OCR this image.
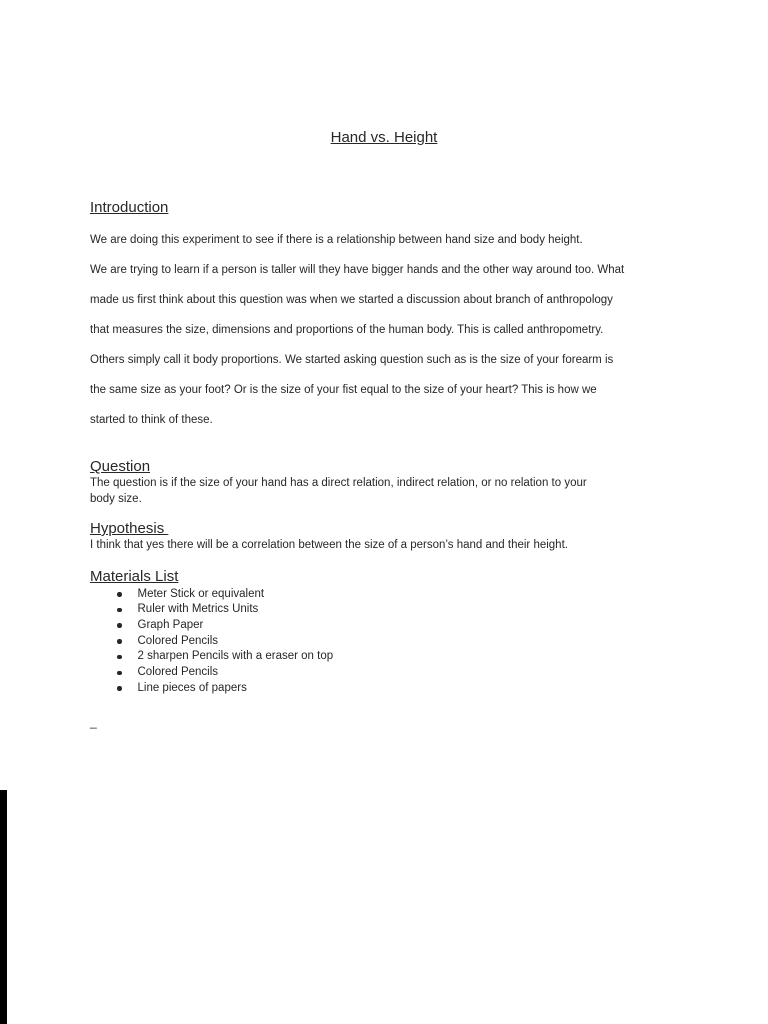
Hand vs. Height
Introduction
We are doing this experiment to see if there is a relationship between hand size and body height.
We are trying to learn if a person is taller will they have bigger hands and the other way around too. What
made us first think about this question was when we started a discussion about branch of anthropology
that measures the size, dimensions and proportions of the human body. This is called anthropometry.
Others simply call it body proportions. We started asking question such as is the size of your forearm is
the same size as your foot? Or is the size of your fist equal to the size of your heart? This is how we
started to think of these.
Question
The question is if the size of your hand has a direct relation, indirect relation, or no relation to your
body size.
Hypothesis
I think that yes there will be a correlation between the size of a person’s hand and their height.
Materials List
Meter Stick or equivalent
Ruler with Metrics Units
Graph Paper
Colored Pencils
2 sharpen Pencils with a eraser on top
Colored Pencils
Line pieces of papers
_
